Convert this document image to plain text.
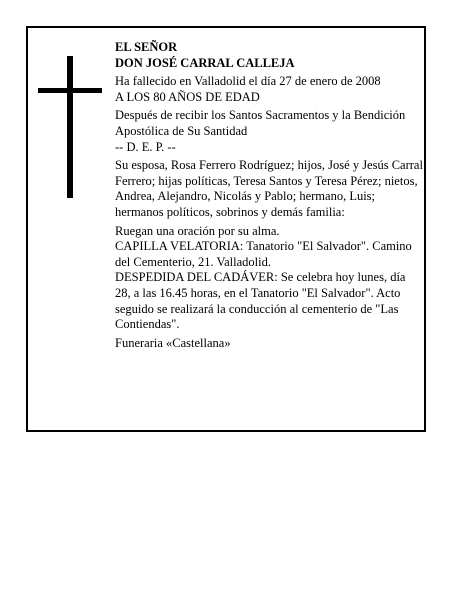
EL SEÑOR

DON JOSÉ CARRAL CALLEJA

Ha fallecido en Valladolid el día 27 de enero de 2008

A LOS 80 AÑOS DE EDAD

Después de recibir los Santos Sacramentos y la Bendición Apostólica de Su Santidad

-- D. E. P. --

Su esposa, Rosa Ferrero Rodríguez; hijos, José y Jesús Carral Ferrero; hijas políticas, Teresa Santos y Teresa Pérez; nietos, Andrea, Alejandro, Nicolás y Pablo; hermano, Luis; hermanos políticos, sobrinos y demás familia:

Ruegan una oración por su alma.

CAPILLA VELATORIA: Tanatorio "El Salvador". Camino del Cementerio, 21. Valladolid.

DESPEDIDA DEL CADÁVER: Se celebra hoy lunes, día 28, a las 16.45 horas, en el Tanatorio "El Salvador". Acto seguido se realizará la conducción al cementerio de "Las Contiendas".

Funeraria «Castellana»
